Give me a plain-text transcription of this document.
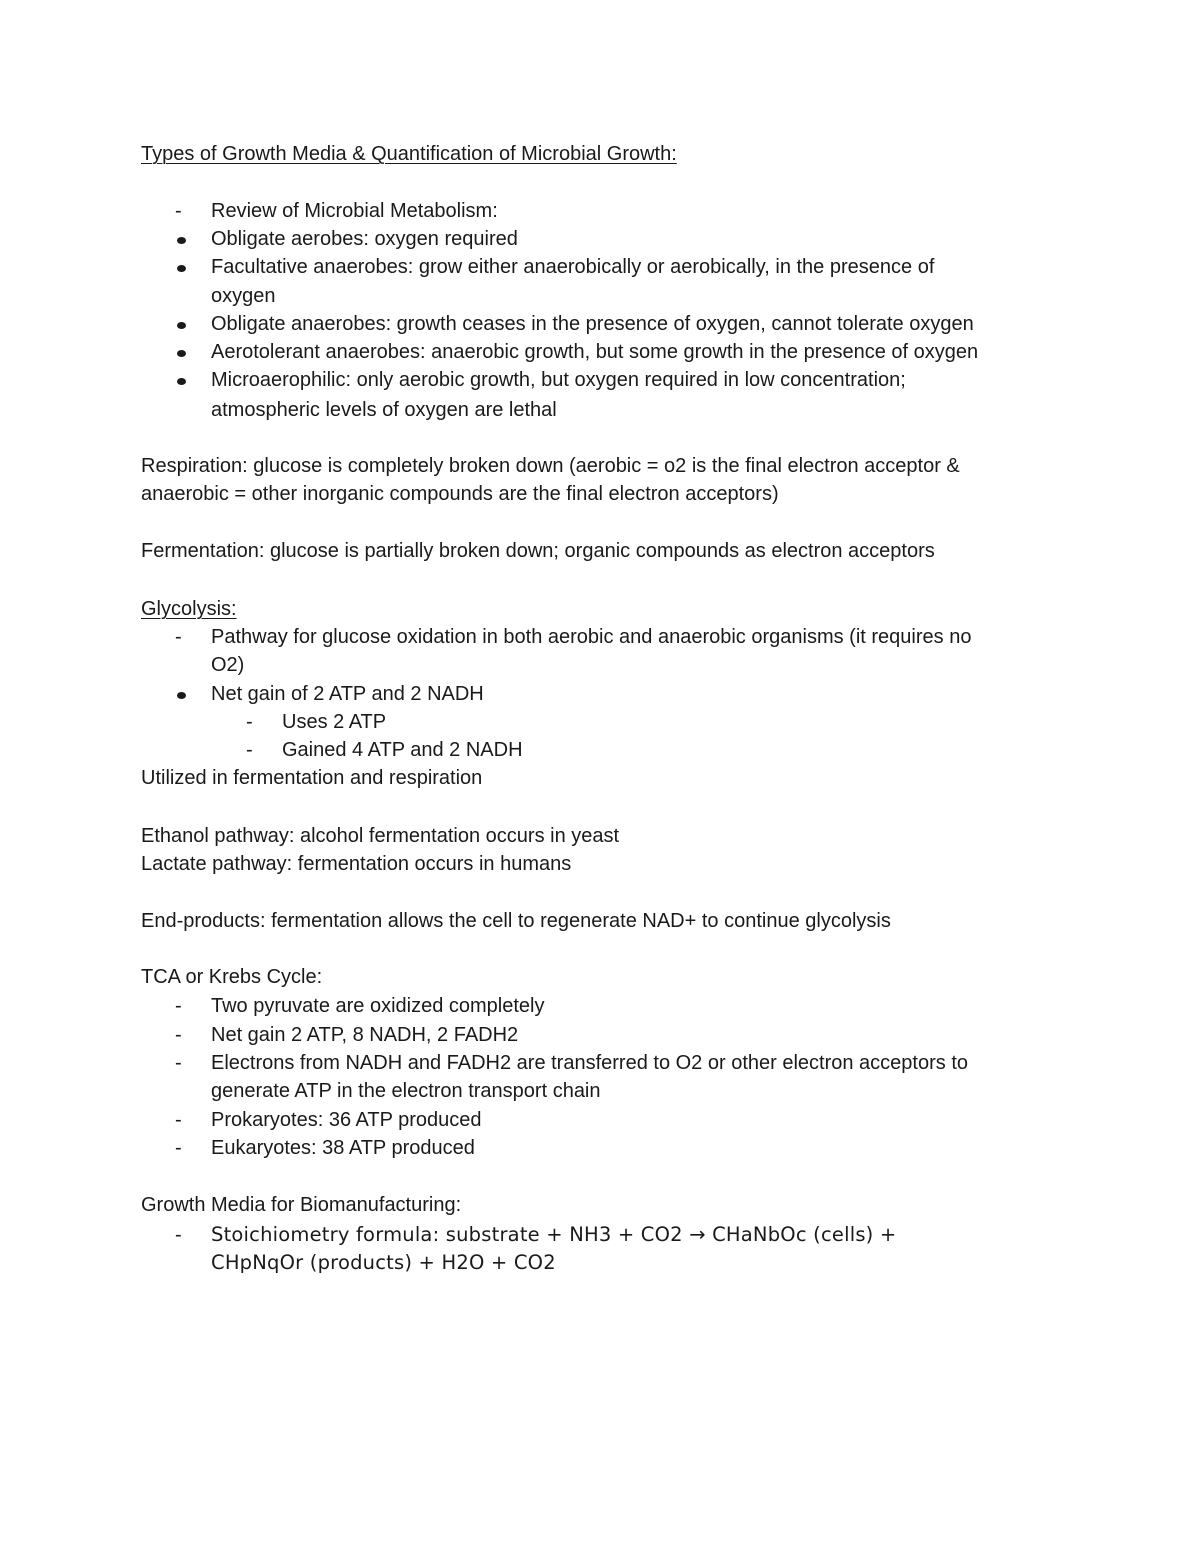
Types of Growth Media & Quantification of Microbial Growth:
- Review of Microbial Metabolism:
Obligate aerobes: oxygen required
Facultative anaerobes: grow either anaerobically or aerobically, in the presence of
oxygen
Obligate anaerobes: growth ceases in the presence of oxygen, cannot tolerate oxygen
Aerotolerant anaerobes: anaerobic growth, but some growth in the presence of oxygen
Microaerophilic: only aerobic growth, but oxygen required in low concentration;
atmospheric levels of oxygen are lethal
Respiration: glucose is completely broken down (aerobic = o2 is the final electron acceptor &
anaerobic = other inorganic compounds are the final electron acceptors)
Fermentation: glucose is partially broken down; organic compounds as electron acceptors
Glycolysis:
- Pathway for glucose oxidation in both aerobic and anaerobic organisms (it requires no
O2)
Net gain of 2 ATP and 2 NADH
- Uses 2 ATP
- Gained 4 ATP and 2 NADH
Utilized in fermentation and respiration
Ethanol pathway: alcohol fermentation occurs in yeast
Lactate pathway: fermentation occurs in humans
End-products: fermentation allows the cell to regenerate NAD+ to continue glycolysis
TCA or Krebs Cycle:
- Two pyruvate are oxidized completely
- Net gain 2 ATP, 8 NADH, 2 FADH2
- Electrons from NADH and FADH2 are transferred to O2 or other electron acceptors to
generate ATP in the electron transport chain
- Prokaryotes: 36 ATP produced
- Eukaryotes: 38 ATP produced
Growth Media for Biomanufacturing:
- Stoichiometry formula: substrate + NH3 + CO2 → CHaNbOc (cells) +
CHpNqOr (products) + H2O + CO2
